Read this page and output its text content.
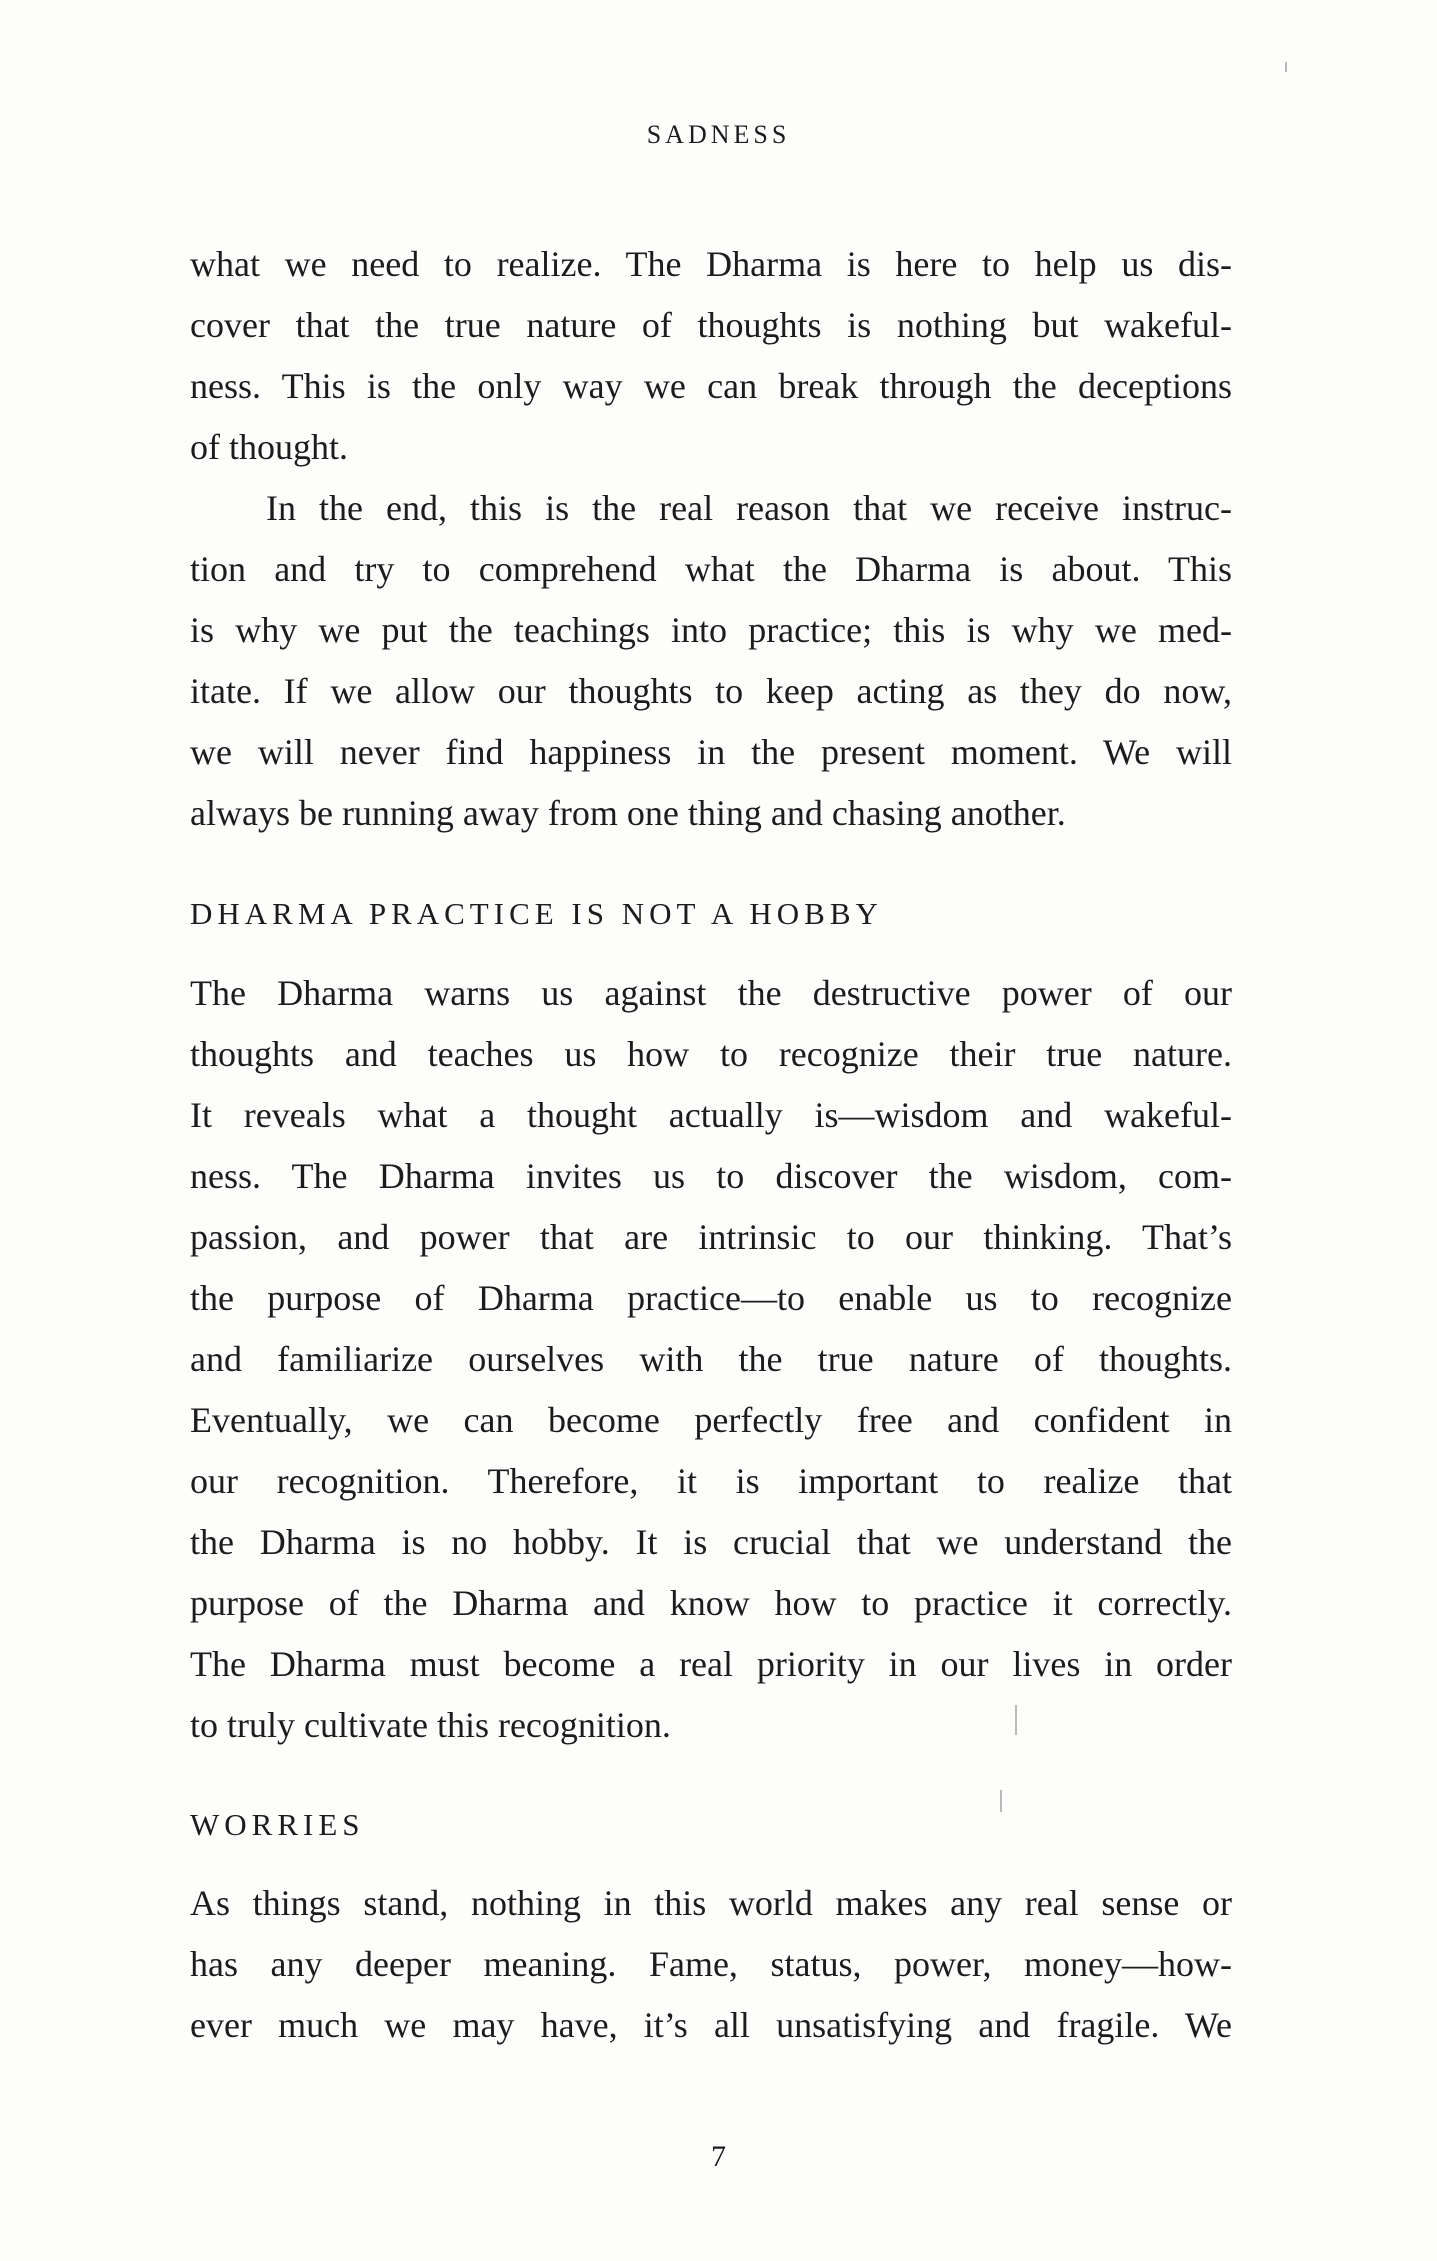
SADNESS
what we need to realize. The Dharma is here to help us dis-
cover that the true nature of thoughts is nothing but wakeful-
ness. This is the only way we can break through the deceptions
of thought.
In the end, this is the real reason that we receive instruc-
tion and try to comprehend what the Dharma is about. This
is why we put the teachings into practice; this is why we med-
itate. If we allow our thoughts to keep acting as they do now,
we will never find happiness in the present moment. We will
always be running away from one thing and chasing another.
DHARMA PRACTICE IS NOT A HOBBY
The Dharma warns us against the destructive power of our
thoughts and teaches us how to recognize their true nature.
It reveals what a thought actually is—wisdom and wakeful-
ness. The Dharma invites us to discover the wisdom, com-
passion, and power that are intrinsic to our thinking. That’s
the purpose of Dharma practice—to enable us to recognize
and familiarize ourselves with the true nature of thoughts.
Eventually, we can become perfectly free and confident in
our recognition. Therefore, it is important to realize that
the Dharma is no hobby. It is crucial that we understand the
purpose of the Dharma and know how to practice it correctly.
The Dharma must become a real priority in our lives in order
to truly cultivate this recognition.
WORRIES
As things stand, nothing in this world makes any real sense or
has any deeper meaning. Fame, status, power, money—how-
ever much we may have, it’s all unsatisfying and fragile. We
7
